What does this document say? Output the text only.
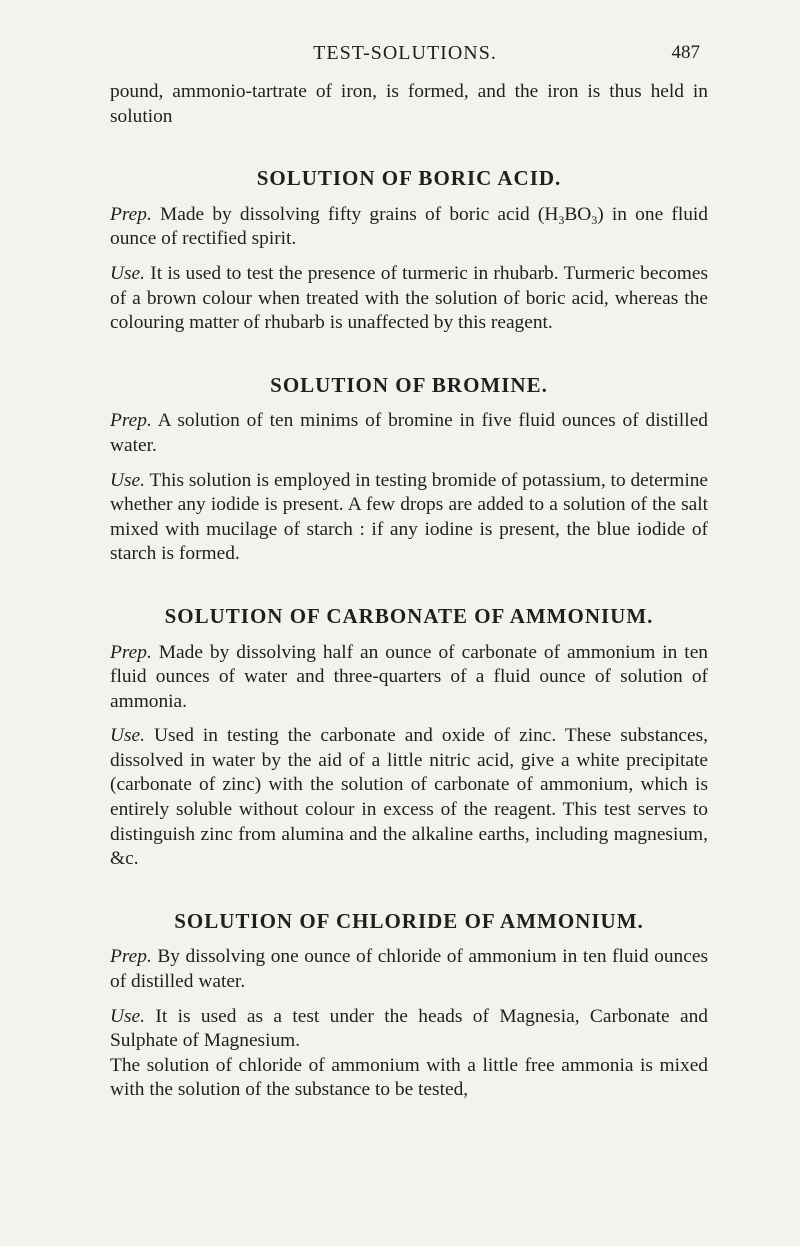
TEST-SOLUTIONS.	487

pound, ammonio-tartrate of iron, is formed, and the iron is thus held in solution

SOLUTION OF BORIC ACID.

Prep. Made by dissolving fifty grains of boric acid $(H_3BO_3)$ in one fluid ounce of rectified spirit.

Use. It is used to test the presence of turmeric in rhubarb. Turmeric becomes of a brown colour when treated with the solution of boric acid, whereas the colouring matter of rhubarb is unaffected by this reagent.

SOLUTION OF BROMINE.

Prep. A solution of ten minims of bromine in five fluid ounces of distilled water.

Use. This solution is employed in testing bromide of potassium, to determine whether any iodide is present. A few drops are added to a solution of the salt mixed with mucilage of starch : if any iodine is present, the blue iodide of starch is formed.

SOLUTION OF CARBONATE OF AMMONIUM.

Prep. Made by dissolving half an ounce of carbonate of ammonium in ten fluid ounces of water and three-quarters of a fluid ounce of solution of ammonia.

Use. Used in testing the carbonate and oxide of zinc. These substances, dissolved in water by the aid of a little nitric acid, give a white precipitate (carbonate of zinc) with the solution of carbonate of ammonium, which is entirely soluble without colour in excess of the reagent. This test serves to distinguish zinc from alumina and the alkaline earths, including magnesium, &c.

SOLUTION OF CHLORIDE OF AMMONIUM.

Prep. By dissolving one ounce of chloride of ammonium in ten fluid ounces of distilled water.

Use. It is used as a test under the heads of Magnesia, Carbonate and Sulphate of Magnesium.

The solution of chloride of ammonium with a little free ammonia is mixed with the solution of the substance to be tested,
